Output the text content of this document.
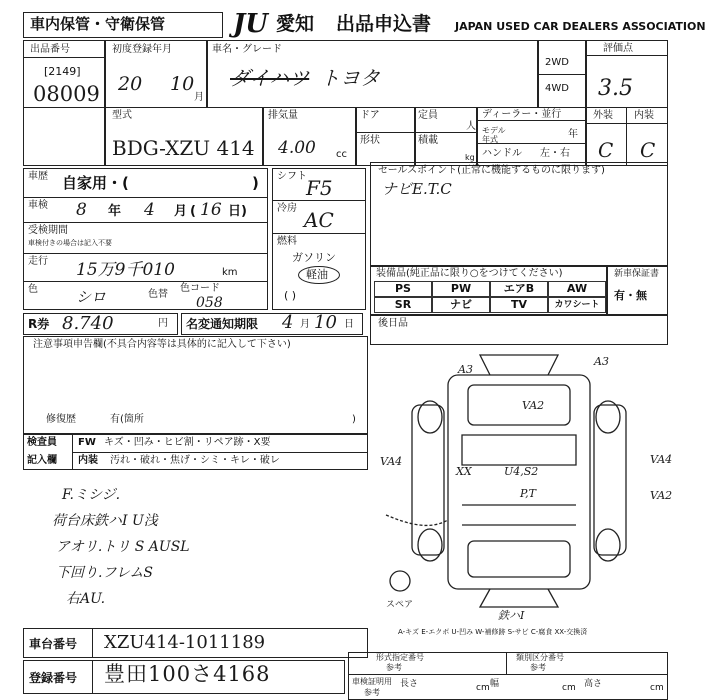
車内保管・守衛保管	JU 愛知 出品申込書 JAPAN USED CAR DEALERS ASSOCIATION
出品番号
[2149]
08009
初度登録年月
20 10
月
車名・グレード
ダイハツ トヨタ
2WD
4WD
評価点
3.5
型式
BDG-XZU 414
排気量
4.00 cc
ドア	定員
人
形状	積載
kg
ディーラー・並行
モデル年式	年
ハンドル 左・右
外装 内装
C C
車歴 自家用・(	)
車検 8 年 4 月 ( 16 日)
受検期間
車検付きの場合は記入不要
走行 15万9千010	km
色	シロ	色替
色コード
058
R券 8.740	円 名変通知期限 4 月 10 日
シフト F5
冷房 AC
燃料
ガソリン
軽油
( )
セールスポイント(正常に機能するものに限ります)
ナビE.T.C
装備品(純正品に限り○をつけてください)
PS	PW	エアB	AW
SR	ナビ	TV	カワシート
新車保証書
有・無
後日品
注意事項申告欄(不具合内容等は具体的に記入して下さい)
修復歴	有(箇所	)
検査員
記入欄
FW キズ・凹み・ヒビ割・リペア跡・X要
内装 汚れ・破れ・焦げ・シミ・キレ・破レ
F.ミシジ.
荷台床鉄ハI U浅
アオリ.トリ S AUSL
下回り.フレムS
右AU.
A3
A3
VA2
VA4	VA4
XX	U4,S2
P,T	VA2
スペア
鉄ハI
A-キズ E-エクボ U-凹み W-補修跡 S-サビ C-腐食 XX-交換済
車台番号 XZU414-1011189
登録番号 豊田100さ4168
形式指定番号
参考
類別区分番号
参考
長さ	cm 幅	cm 高さ	cm
車検証明用
参考
